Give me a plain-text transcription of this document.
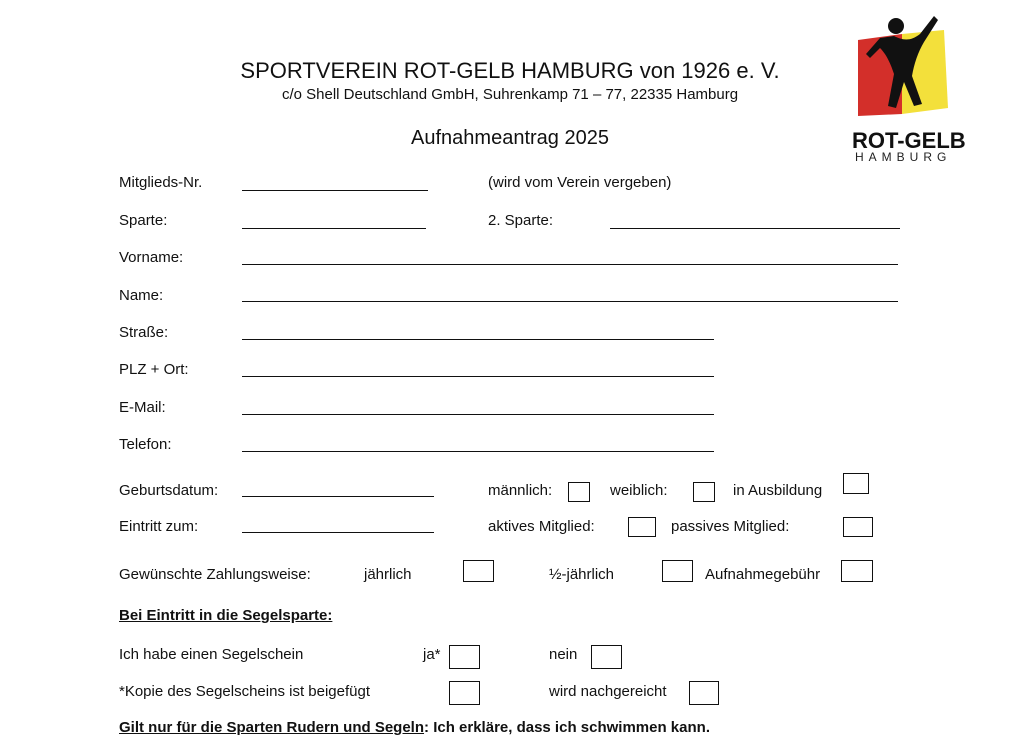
SPORTVEREIN ROT-GELB HAMBURG von 1926 e. V.
c/o Shell Deutschland GmbH, Suhrenkamp 71 – 77, 22335 Hamburg
Aufnahmeantrag 2025	ROT-GELB
HAMBURG
Mitglieds-Nr.	(wird vom Verein vergeben)
Sparte:	2. Sparte:
Vorname:
Name:
Straße:
PLZ + Ort:
E-Mail:
Telefon:
Geburtsdatum:	männlich:	weiblich:	in Ausbildung
Eintritt zum:	aktives Mitglied:	passives Mitglied:
Gewünschte Zahlungsweise:	jährlich	½-jährlich	Aufnahmegebühr
Bei Eintritt in die Segelsparte:
Ich habe einen Segelschein	ja*	nein
*Kopie des Segelscheins ist beigefügt	wird nachgereicht
Gilt nur für die Sparten Rudern und Segeln: Ich erkläre, dass ich schwimmen kann.
